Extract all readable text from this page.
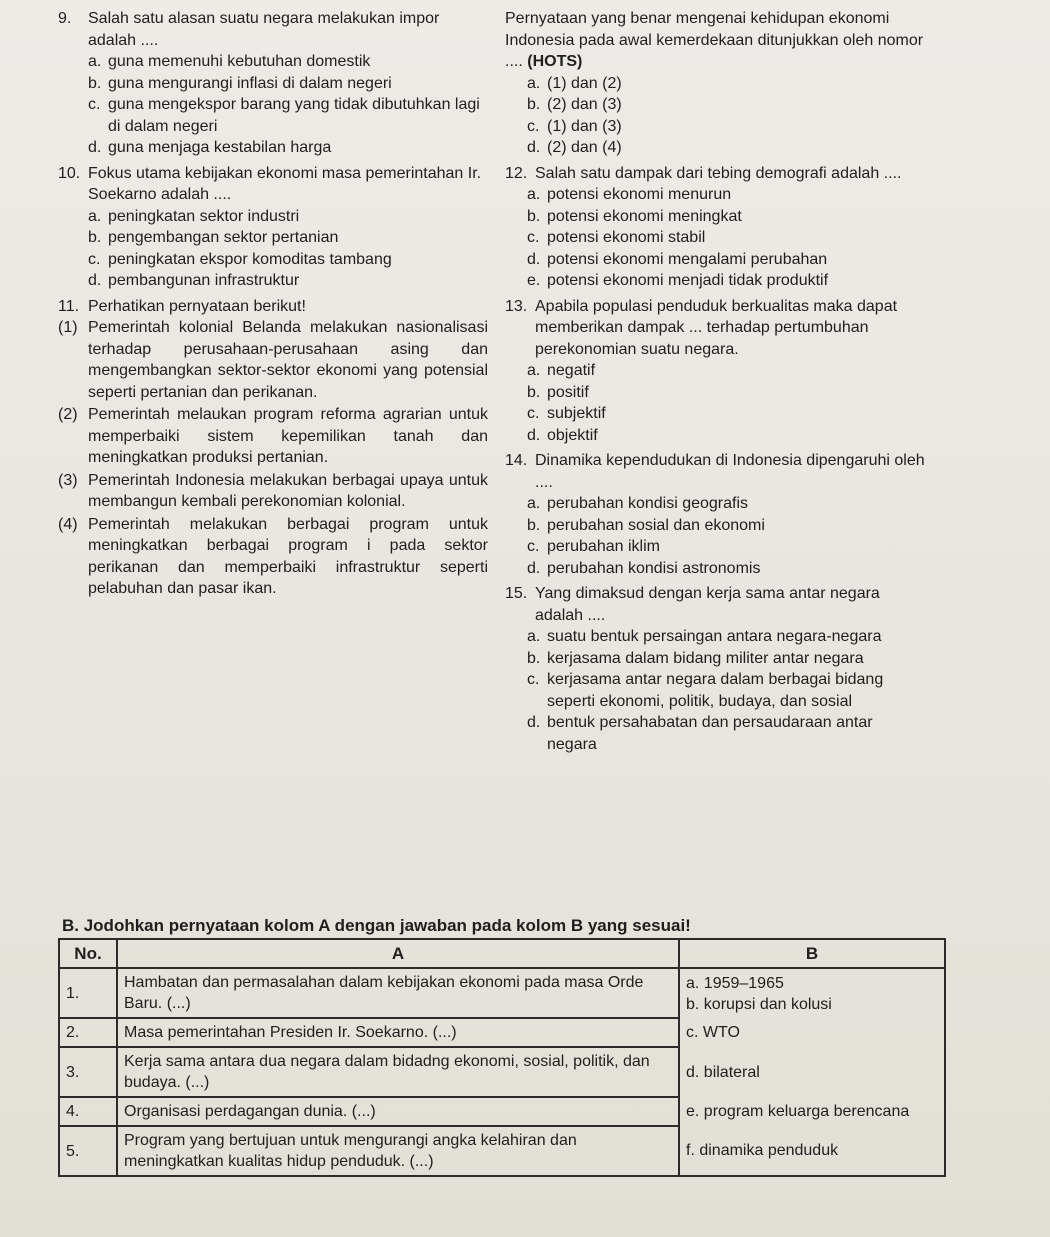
9.	Salah satu alasan suatu negara melakukan impor adalah ....
a. guna memenuhi kebutuhan domestik
b. guna mengurangi inflasi di dalam negeri
c. guna mengekspor barang yang tidak dibutuhkan lagi di dalam negeri
d. guna menjaga kestabilan harga
10. Fokus utama kebijakan ekonomi masa pemerintahan Ir. Soekarno adalah ....
a. peningkatan sektor industri
b. pengembangan sektor pertanian
c. peningkatan ekspor komoditas tambang
d. pembangunan infrastruktur
11. Perhatikan pernyataan berikut!
(1) Pemerintah kolonial Belanda melakukan nasionalisasi terhadap perusahaan-perusahaan asing dan mengembangkan sektor-sektor ekonomi yang potensial seperti pertanian dan perikanan.
(2) Pemerintah melaukan program reforma agrarian untuk memperbaiki sistem kepemilikan tanah dan meningkatkan produksi pertanian.
(3) Pemerintah Indonesia melakukan berbagai upaya untuk membangun kembali perekonomian kolonial.
(4) Pemerintah melakukan berbagai program untuk meningkatkan berbagai program i pada sektor perikanan dan memperbaiki infrastruktur seperti pelabuhan dan pasar ikan.
Pernyataan yang benar mengenai kehidupan ekonomi Indonesia pada awal kemerdekaan ditunjukkan oleh nomor .... (HOTS)
a. (1) dan (2)
b. (2) dan (3)
c. (1) dan (3)
d. (2) dan (4)
12. Salah satu dampak dari tebing demografi adalah ....
a. potensi ekonomi menurun
b. potensi ekonomi meningkat
c. potensi ekonomi stabil
d. potensi ekonomi mengalami perubahan
e. potensi ekonomi menjadi tidak produktif
13. Apabila populasi penduduk berkualitas maka dapat memberikan dampak ... terhadap pertumbuhan perekonomian suatu negara.
a. negatif
b. positif
c. subjektif
d. objektif
14. Dinamika kependudukan di Indonesia dipengaruhi oleh ....
a. perubahan kondisi geografis
b. perubahan sosial dan ekonomi
c. perubahan iklim
d. perubahan kondisi astronomis
15. Yang dimaksud dengan kerja sama antar negara adalah ....
a. suatu bentuk persaingan antara negara-negara
b. kerjasama dalam bidang militer antar negara
c. kerjasama antar negara dalam berbagai bidang seperti ekonomi, politik, budaya, dan sosial
d. bentuk persahabatan dan persaudaraan antar negara
B. Jodohkan pernyataan kolom A dengan jawaban pada kolom B yang sesuai!
No.	A	B
1.	Hambatan dan permasalahan dalam kebijakan ekonomi pada masa Orde Baru. (...)	a. 1959–1965
b. korupsi dan kolusi

2.	Masa pemerintahan Presiden Ir. Soekarno. (...)	c. WTO
3.	Kerja sama antara dua negara dalam bidadng ekonomi, sosial, politik, dan budaya. (...)	d. bilateral
4.	Organisasi perdagangan dunia. (...)	e. program keluarga berencana
5.	Program yang bertujuan untuk mengurangi angka kelahiran dan meningkatkan kualitas hidup penduduk. (...)	f. dinamika penduduk
